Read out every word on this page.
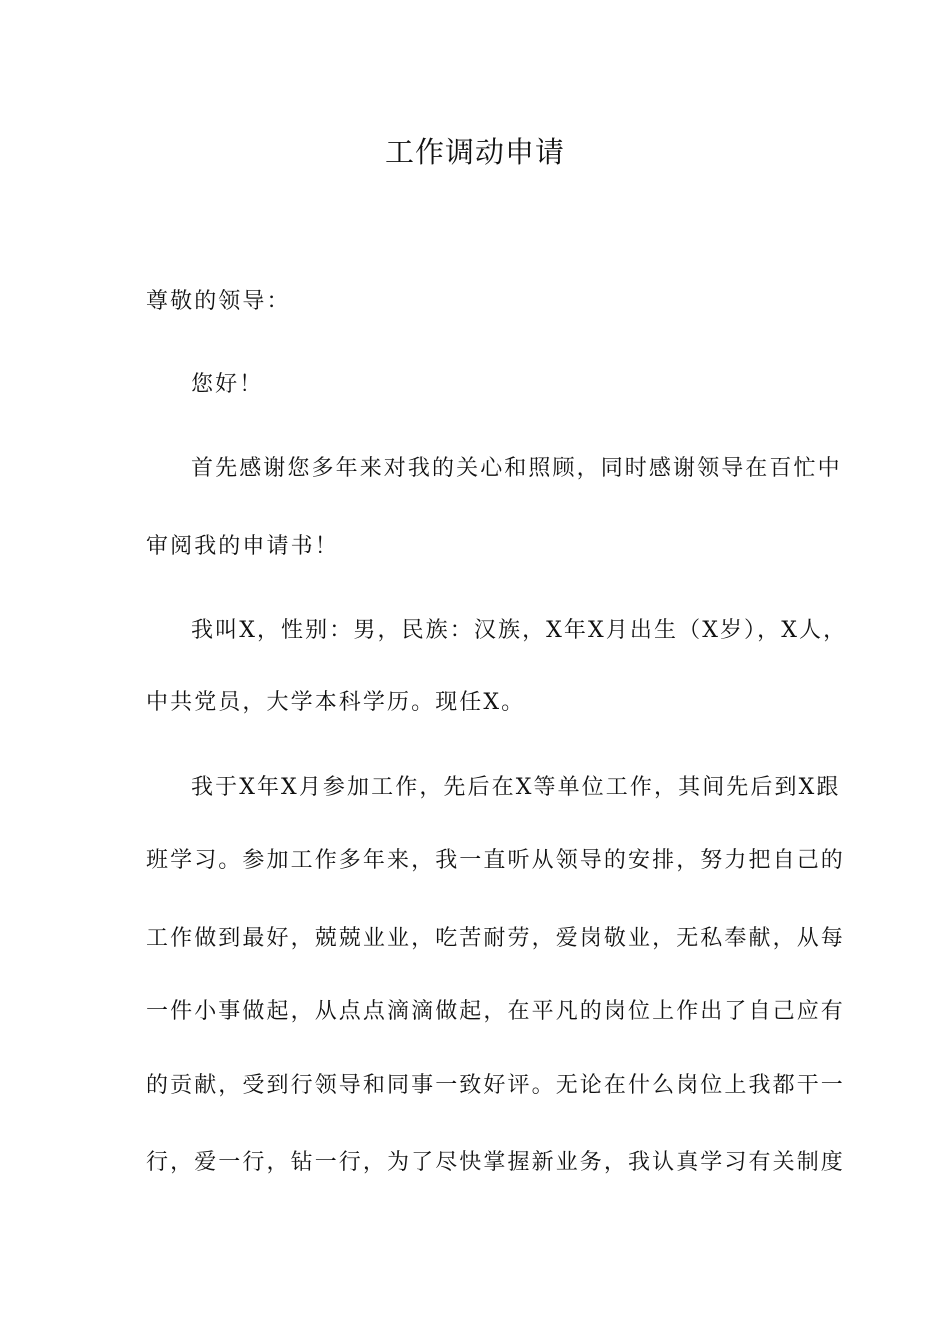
工作调动申请
尊敬的领导：
您好！
首先感谢您多年来对我的关心和照顾，同时感谢领导在百忙中
审阅我的申请书！
我叫X，性别：男，民族：汉族，X年X月出生（X岁），X人，
中共党员，大学本科学历。现任X。
我于X年X月参加工作，先后在X等单位工作，其间先后到X跟
班学习。参加工作多年来，我一直听从领导的安排，努力把自己的
工作做到最好，兢兢业业，吃苦耐劳，爱岗敬业，无私奉献，从每
一件小事做起，从点点滴滴做起，在平凡的岗位上作出了自己应有
的贡献，受到行领导和同事一致好评。无论在什么岗位上我都干一
行，爱一行，钻一行，为了尽快掌握新业务，我认真学习有关制度
